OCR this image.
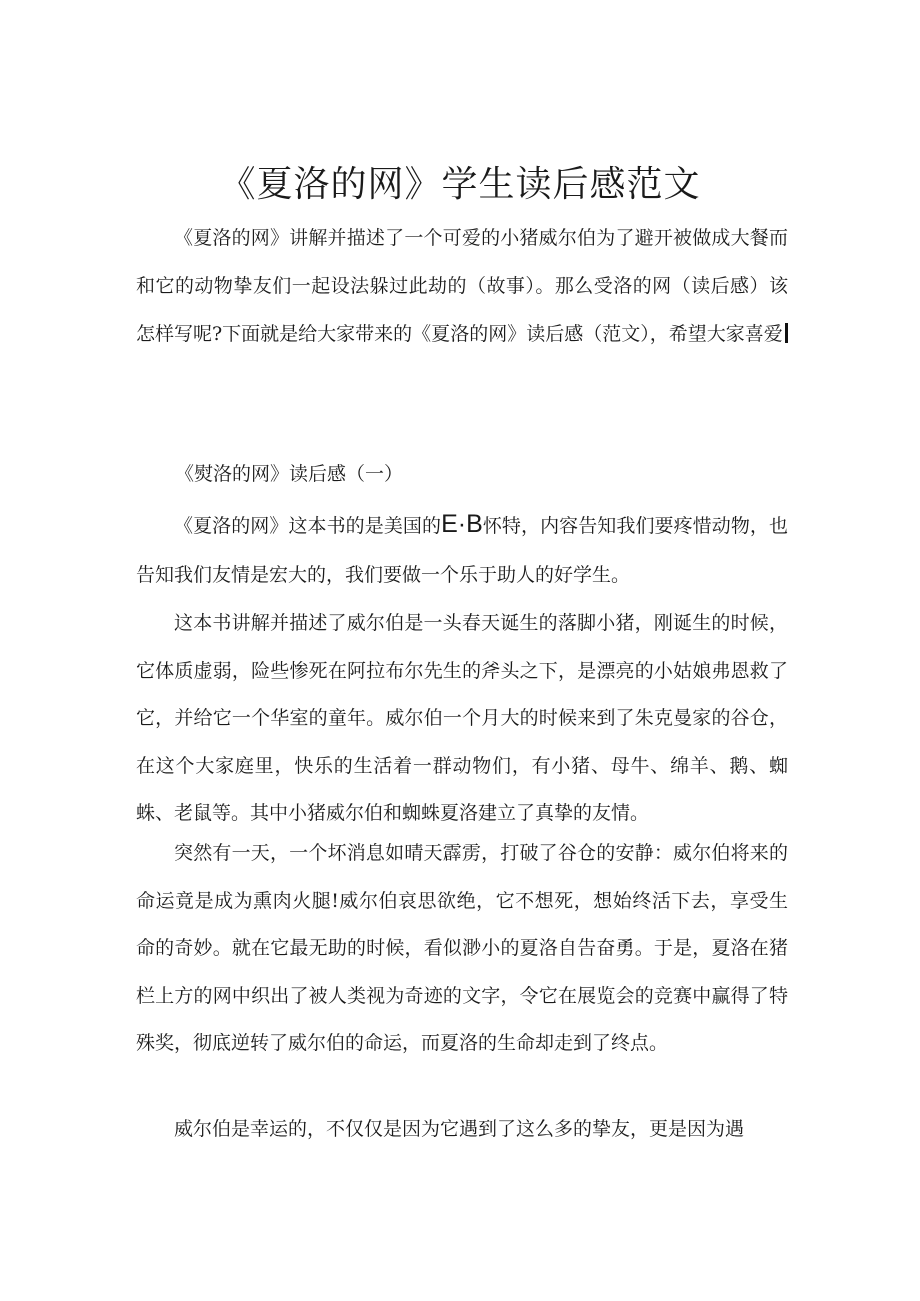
《夏洛的网》学生读后感范文

《夏洛的网》讲解并描述了一个可爱的小猪威尔伯为了避开被做成大餐而和它的动物挚友们一起设法躲过此劫的（故事）。那么受洛的网（读后感）该怎样写呢?下面就是给大家带来的《夏洛的网》读后感（范文），希望大家喜爱

《熨洛的网》读后感（一）

《夏洛的网》这本书的是美国的E·B怀特，内容告知我们要疼惜动物，也告知我们友情是宏大的，我们要做一个乐于助人的好学生。

这本书讲解并描述了威尔伯是一头春天诞生的落脚小猪，刚诞生的时候，它体质虚弱，险些惨死在阿拉布尔先生的斧头之下，是漂亮的小姑娘弗恩救了它，并给它一个华室的童年。威尔伯一个月大的时候来到了朱克曼家的谷仓，在这个大家庭里，快乐的生活着一群动物们，有小猪、母牛、绵羊、鹅、蜘蛛、老鼠等。其中小猪威尔伯和蜘蛛夏洛建立了真挚的友情。

突然有一天，一个坏消息如晴天霹雳，打破了谷仓的安静：威尔伯将来的命运竟是成为熏肉火腿!威尔伯哀思欲绝，它不想死，想始终活下去，享受生命的奇妙。就在它最无助的时候，看似渺小的夏洛自告奋勇。于是，夏洛在猪栏上方的网中织出了被人类视为奇迹的文字，令它在展览会的竞赛中赢得了特殊奖，彻底逆转了威尔伯的命运，而夏洛的生命却走到了终点。

威尔伯是幸运的，不仅仅是因为它遇到了这么多的挚友，更是因为遇
